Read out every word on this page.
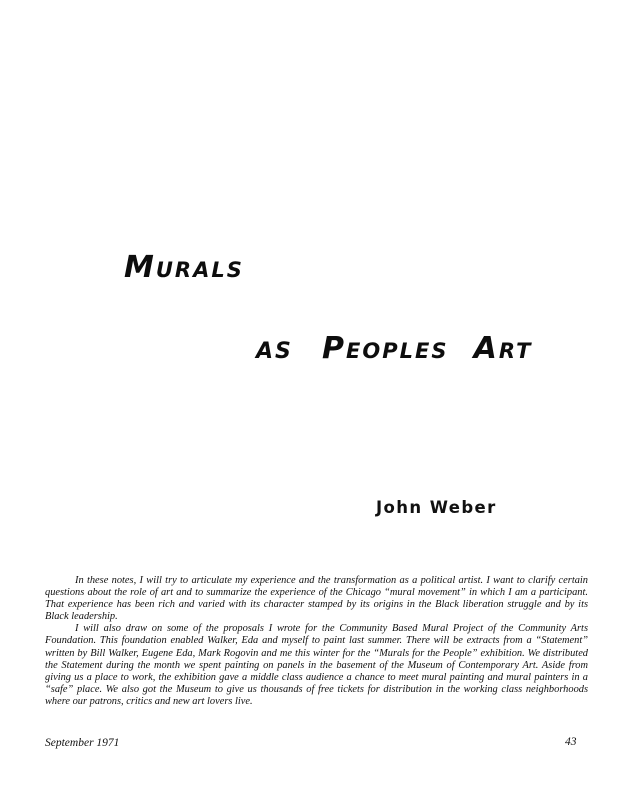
MURALS
AS PEOPLES ART
John Weber

In these notes, I will try to articulate my experience and the transformation as a political artist. I want to clarify certain questions about the role of art and to summarize the experience of the Chicago “mural movement” in which I am a participant. That experience has been rich and varied with its character stamped by its origins in the Black liberation struggle and by its Black leadership.

I will also draw on some of the proposals I wrote for the Community Based Mural Project of the Community Arts Foundation. This foundation enabled Walker, Eda and myself to paint last summer. There will be extracts from a “Statement” written by Bill Walker, Eugene Eda, Mark Rogovin and me this winter for the “Murals for the People” exhibition. We distributed the Statement during the month we spent painting on panels in the basement of the Museum of Contemporary Art. Aside from giving us a place to work, the exhibition gave a middle class audience a chance to meet mural painting and mural painters in a “safe” place. We also got the Museum to give us thousands of free tickets for distribution in the working class neighborhoods where our patrons, critics and new art lovers live.

September 1971	43
